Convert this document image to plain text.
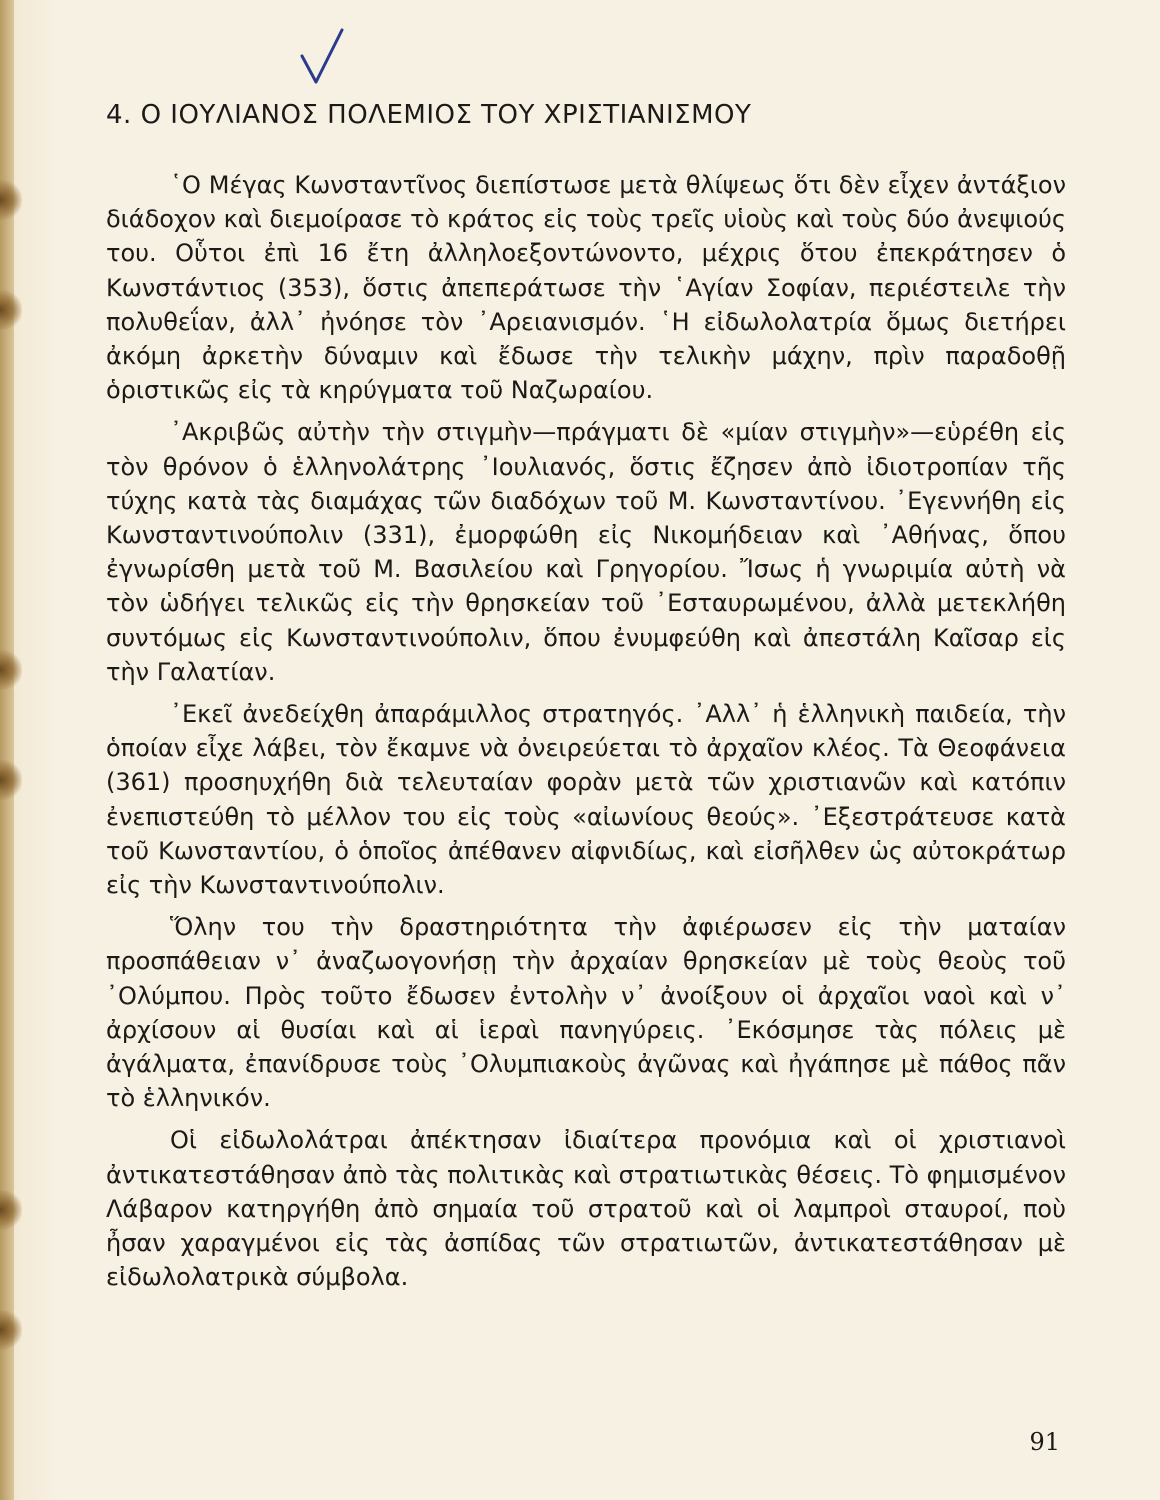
4. Ο ΙΟΥΛΙΑΝΟΣ ΠΟΛΕΜΙΟΣ ΤΟΥ ΧΡΙΣΤΙΑΝΙΣΜΟΥ

῾Ο Μέγας Κωνσταντῖνος διεπίστωσε μετὰ θλίψεως ὅτι δὲν εἶχεν ἀντάξιον διάδοχον καὶ διεμοίρασε τὸ κράτος εἰς τοὺς τρεῖς υἱοὺς καὶ τοὺς δύο ἀνεψιούς του. Οὗτοι ἐπὶ 16 ἔτη ἀλληλοεξοντώνοντο, μέχρις ὅτου ἐπεκράτησεν ὁ Κωνστάντιος (353), ὅστις ἀπεπεράτωσε τὴν ῾Αγίαν Σοφίαν, περιέστειλε τὴν πολυθεΐαν, ἀλλ᾿ ἠνόησε τὸν ᾿Αρειανισμόν. ῾Η εἰδωλολατρία ὅμως διετήρει ἀκόμη ἀρκετὴν δύναμιν καὶ ἔδωσε τὴν τελικὴν μάχην, πρὶν παραδοθῇ ὁριστικῶς εἰς τὰ κηρύγματα τοῦ Ναζωραίου.

᾿Ακριβῶς αὐτὴν τὴν στιγμὴν—πράγματι δὲ «μίαν στιγμὴν»—εὑρέθη εἰς τὸν θρόνον ὁ ἑλληνολάτρης ᾿Ιουλιανός, ὅστις ἔζησεν ἀπὸ ἰδιοτροπίαν τῆς τύχης κατὰ τὰς διαμάχας τῶν διαδόχων τοῦ Μ. Κωνσταντίνου. ᾿Εγεννήθη εἰς Κωνσταντινούπολιν (331), ἐμορφώθη εἰς Νικομήδειαν καὶ ᾿Αθήνας, ὅπου ἐγνωρίσθη μετὰ τοῦ Μ. Βασιλείου καὶ Γρηγορίου. Ἴσως ἡ γνωριμία αὐτὴ νὰ τὸν ὡδήγει τελικῶς εἰς τὴν θρησκείαν τοῦ ᾿Εσταυρωμένου, ἀλλὰ μετεκλήθη συντόμως εἰς Κωνσταντινούπολιν, ὅπου ἐνυμφεύθη καὶ ἀπεστάλη Καῖσαρ εἰς τὴν Γαλατίαν.

᾿Εκεῖ ἀνεδείχθη ἀπαράμιλλος στρατηγός. ᾿Αλλ᾿ ἡ ἑλληνικὴ παιδεία, τὴν ὁποίαν εἶχε λάβει, τὸν ἔκαμνε νὰ ὀνειρεύεται τὸ ἀρχαῖον κλέος. Τὰ Θεοφάνεια (361) προσηυχήθη διὰ τελευταίαν φορὰν μετὰ τῶν χριστιανῶν καὶ κατόπιν ἐνεπιστεύθη τὸ μέλλον του εἰς τοὺς «αἰωνίους θεούς». ᾿Εξεστράτευσε κατὰ τοῦ Κωνσταντίου, ὁ ὁποῖος ἀπέθανεν αἰφνιδίως, καὶ εἰσῆλθεν ὡς αὐτοκράτωρ εἰς τὴν Κωνσταντινούπολιν.

Ὅλην του τὴν δραστηριότητα τὴν ἀφιέρωσεν εἰς τὴν ματαίαν προσπάθειαν ν᾿ ἀναζωογονήσῃ τὴν ἀρχαίαν θρησκείαν μὲ τοὺς θεοὺς τοῦ ᾿Ολύμπου. Πρὸς τοῦτο ἔδωσεν ἐντολὴν ν᾿ ἀνοίξουν οἱ ἀρχαῖοι ναοὶ καὶ ν᾿ ἀρχίσουν αἱ θυσίαι καὶ αἱ ἱεραὶ πανηγύρεις. ᾿Εκόσμησε τὰς πόλεις μὲ ἀγάλματα, ἐπανίδρυσε τοὺς ᾿Ολυμπιακοὺς ἀγῶνας καὶ ἠγάπησε μὲ πάθος πᾶν τὸ ἑλληνικόν.

Οἱ εἰδωλολάτραι ἀπέκτησαν ἰδιαίτερα προνόμια καὶ οἱ χριστιανοὶ ἀντικατεστάθησαν ἀπὸ τὰς πολιτικὰς καὶ στρατιωτικὰς θέσεις. Τὸ φημισμένον Λάβαρον κατηργήθη ἀπὸ σημαία τοῦ στρατοῦ καὶ οἱ λαμπροὶ σταυροί, ποὺ ἦσαν χαραγμένοι εἰς τὰς ἀσπίδας τῶν στρατιωτῶν, ἀντικατεστάθησαν μὲ εἰδωλολατρικὰ σύμβολα.

91
